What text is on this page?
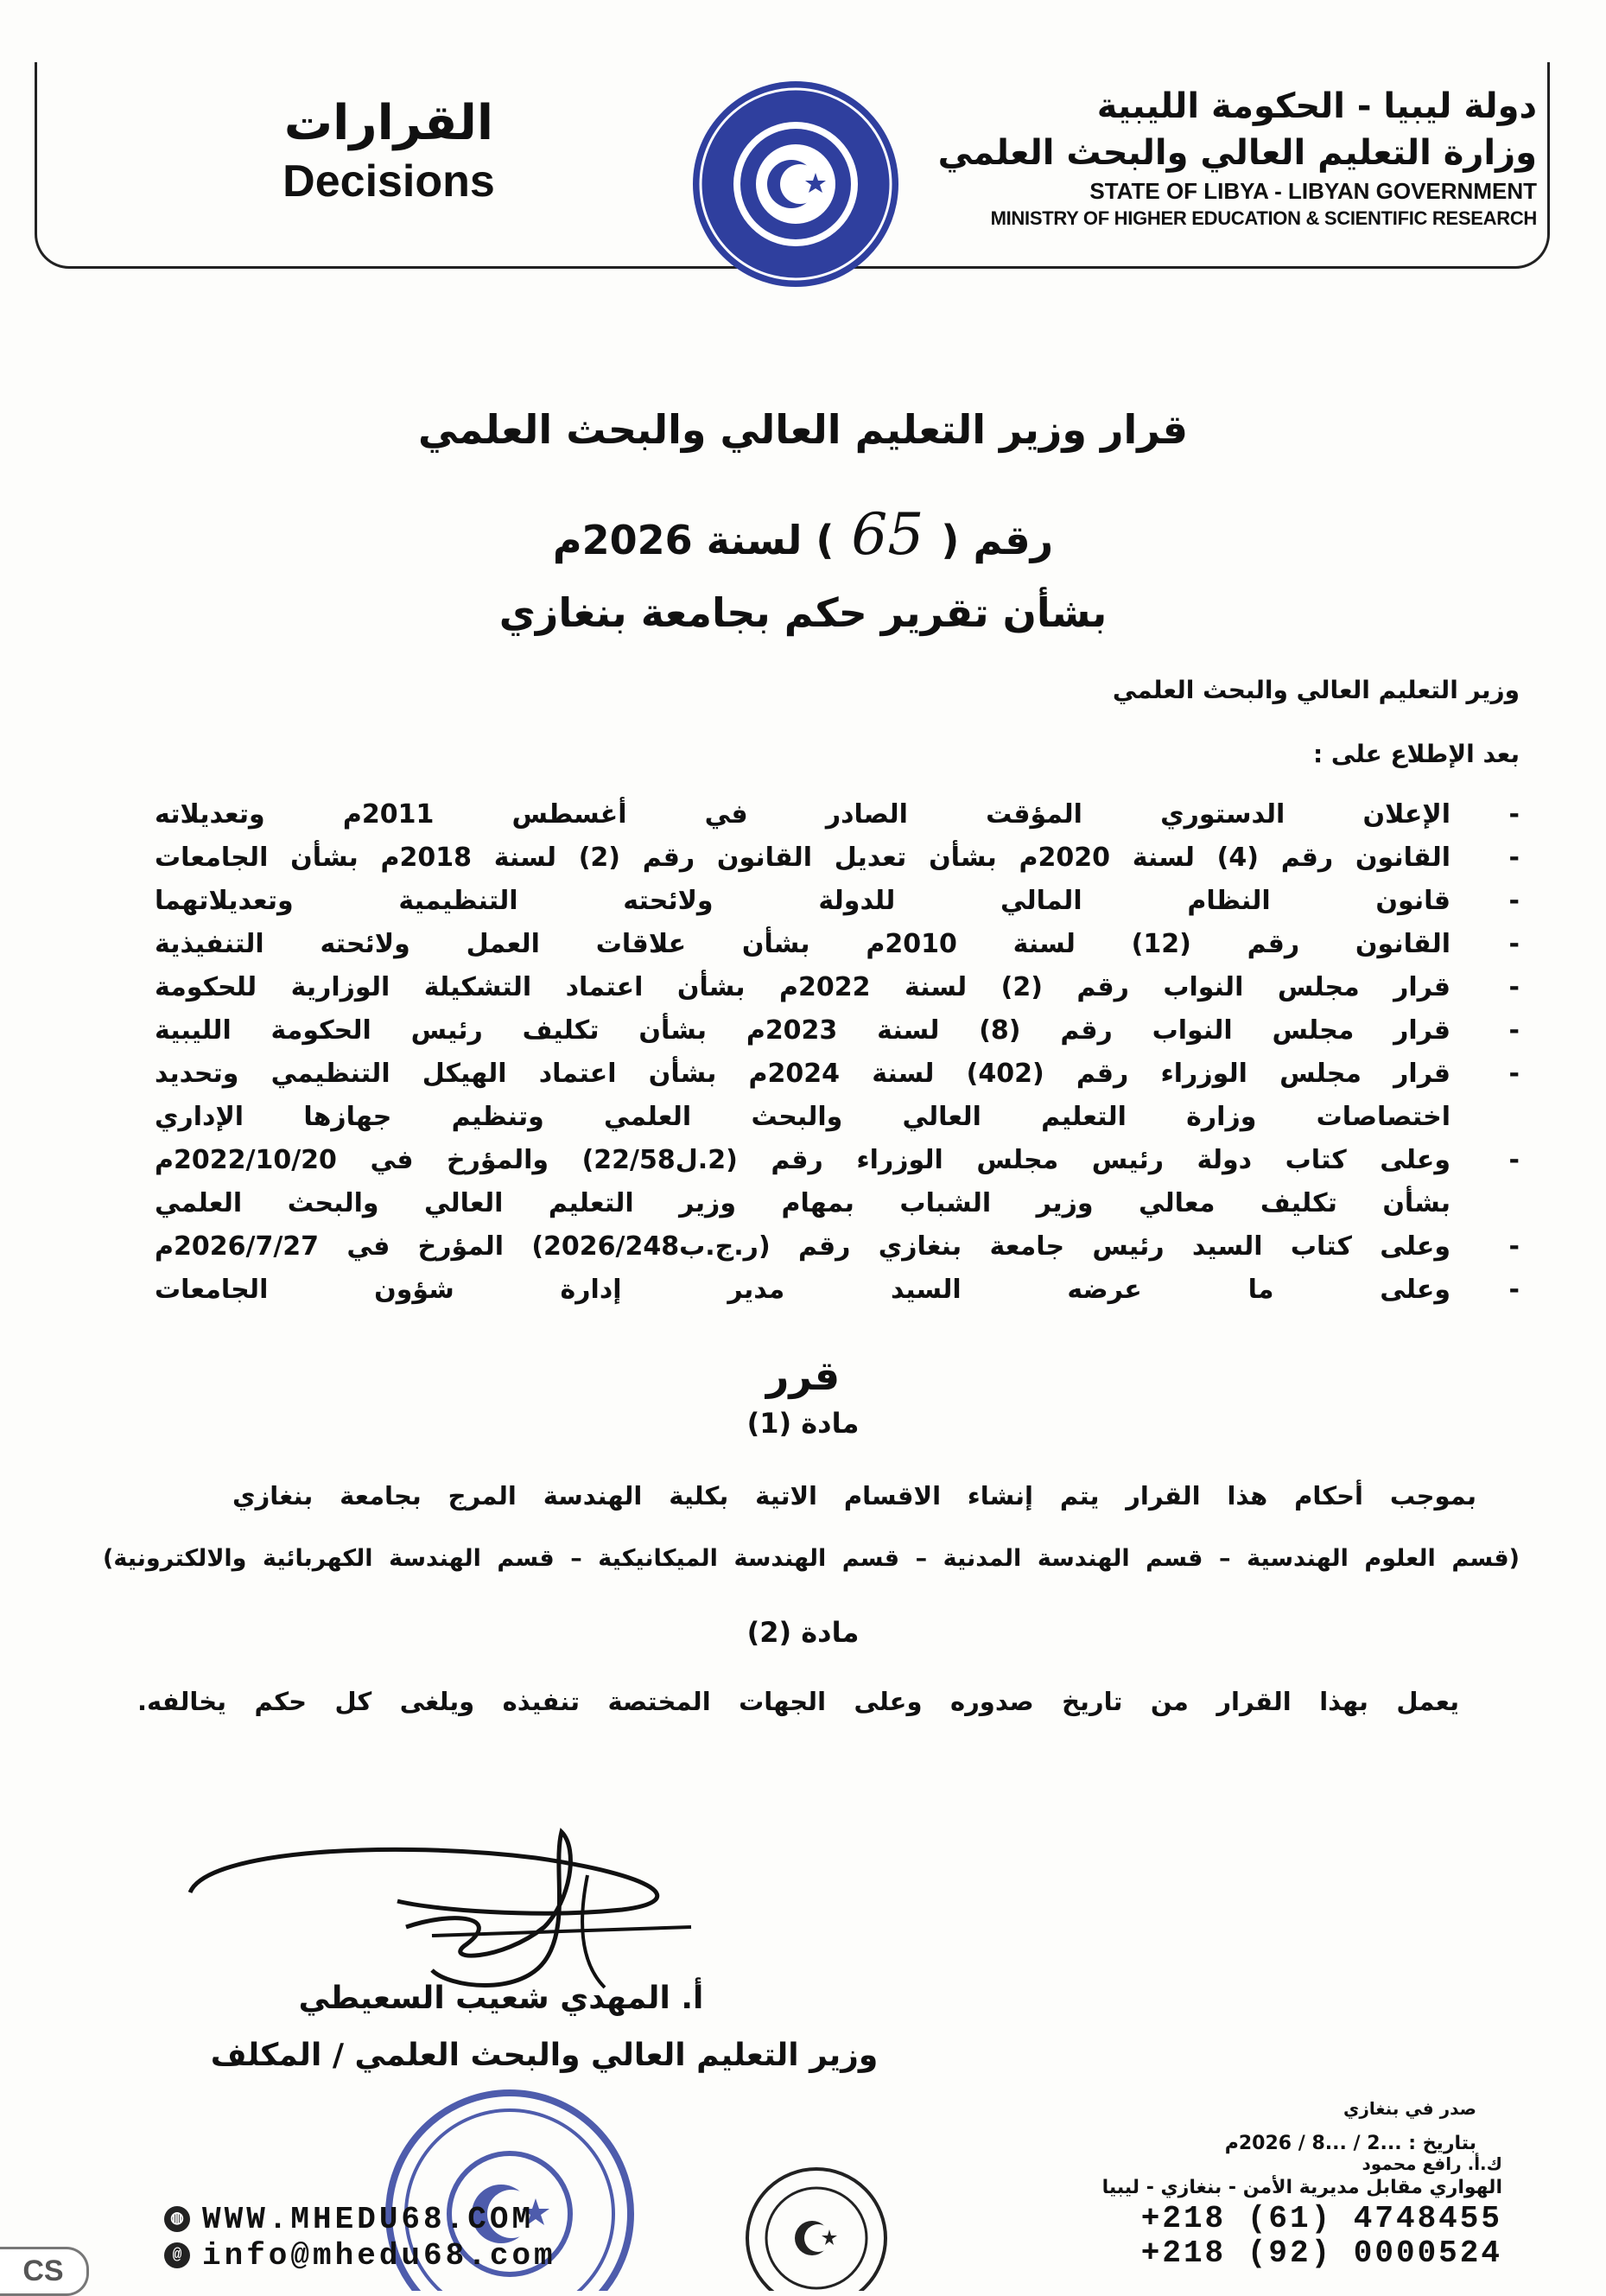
دولة ليبيا - الحكومة الليبية
وزارة التعليم العالي والبحث العلمي
STATE OF LIBYA - LIBYAN GOVERNMENT
MINISTRY OF HIGHER EDUCATION & SCIENTIFIC RESEARCH
القرارات
Decisions
قرار وزير التعليم العالي والبحث العلمي
رقم (65) لسنة 2026م
بشأن تقرير حكم بجامعة بنغازي
وزير التعليم العالي والبحث العلمي
بعد الإطلاع على :
-
الإعلان الدستوري المؤقت الصادر في أغسطس 2011م وتعديلاته
-
القانون رقم (4) لسنة 2020م بشأن تعديل القانون رقم (2) لسنة 2018م بشأن الجامعات
-
قانون النظام المالي للدولة ولائحته التنظيمية وتعديلاتهما
-
القانون رقم (12) لسنة 2010م بشأن علاقات العمل ولائحته التنفيذية
-
قرار مجلس النواب رقم (2) لسنة 2022م بشأن اعتماد التشكيلة الوزارية للحكومة
-
قرار مجلس النواب رقم (8) لسنة 2023م بشأن تكليف رئيس الحكومة الليبية
-
قرار مجلس الوزراء رقم (402) لسنة 2024م بشأن اعتماد الهيكل التنظيمي وتحديد
اختصاصات وزارة التعليم العالي والبحث العلمي وتنظيم جهازها الإداري
-
وعلى كتاب دولة رئيس مجلس الوزراء رقم (2.ل22/58) والمؤرخ في 2022/10/20م
بشأن تكليف معالي وزير الشباب بمهام وزير التعليم العالي والبحث العلمي
-
وعلى كتاب السيد رئيس جامعة بنغازي رقم (ر.ج.ب2026/248) المؤرخ في 2026/7/27م
-
وعلى ما عرضه السيد مدير إدارة شؤون الجامعات
قرر
مادة (1)
بموجب أحكام هذا القرار يتم إنشاء الاقسام الاتية بكلية الهندسة المرج بجامعة بنغازي
(قسم العلوم الهندسية – قسم الهندسة المدنية – قسم الهندسة الميكانيكية – قسم الهندسة الكهربائية والالكترونية)
مادة (2)
يعمل بهذا القرار من تاريخ صدوره وعلى الجهات المختصة تنفيذه ويلغى كل حكم يخالفه.
أ. المهدي شعيب السعيطي
وزير التعليم العالي والبحث العلمي / المكلف
صدر في بنغازي
بتاريخ : ...2 / ...8 / 2026م
◍ WWW.MHEDU68.COM
@ info@mhedu68.com
ك.أ. رافع محمود
الهواري مقابل مديرية الأمن - بنغازي - ليبيا
+218 (61) 4748455
+218 (92) 0000524
CS
